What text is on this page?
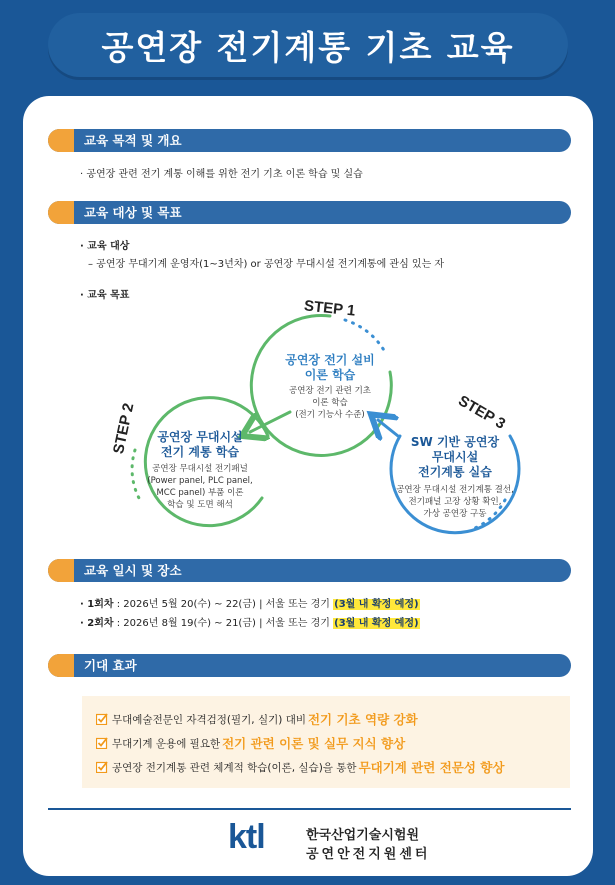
공연장 전기계통 기초 교육
교육 목적 및 개요
· 공연장 관련 전기 계통 이해를 위한 전기 기초 이론 학습 및 실습
교육 대상 및 목표
· 교육 대상
– 공연장 무대기계 운영자(1~3년차) or 공연장 무대시설 전기계통에 관심 있는 자
· 교육 목표
STEP 1
STEP 2	STEP 3
공연장 전기 설비
이론 학습
공연장 전기 관련 기초
이론 학습
(전기 기능사 수준)
공연장 무대시설
전기 계통 학습
공연장 무대시설 전기패널
(Power panel, PLC panel,
MCC panel) 부품 이론
학습 및 도면 해석
SW 기반 공연장
무대시설
전기계통 실습
공연장 무대시설 전기계통 결선,
전기패널 고장 상황 확인,
가상 공연장 구동
교육 일시 및 장소
· 1회차 : 2026년 5월 20(수) ~ 22(금) | 서울 또는 경기 (3월 내 확정 예정)
· 2회차 : 2026년 8월 19(수) ~ 21(금) | 서울 또는 경기 (3월 내 확정 예정)
기대 효과
무대예술전문인 자격검정(필기, 실기) 대비 전기 기초 역량 강화
무대기계 운용에 필요한 전기 관련 이론 및 실무 지식 향상
공연장 전기계통 관련 체계적 학습(이론, 실습)을 통한 무대기계 관련 전문성 향상
ktl	한국산업기술시험원
공연안전지원센터
